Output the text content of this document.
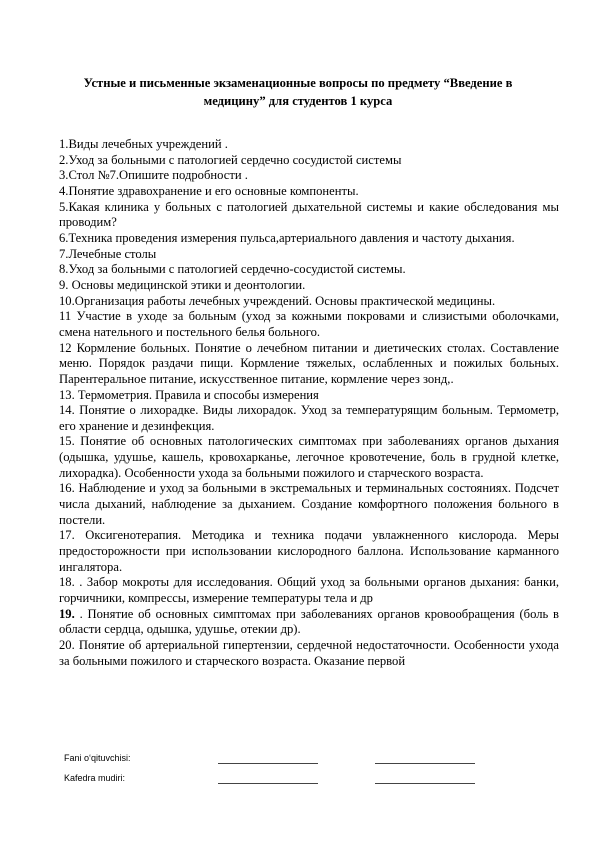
Устные и письменные экзаменационные вопросы по предмету “Введение в
медицину” для студентов 1 курса

1.Виды лечебных учреждений .

2.Уход за больными с патологией сердечно сосудистой системы

3.Стол №7.Опишите подробности .

4.Понятие здравохранение и его основные компоненты.

5.Какая клиника у больных с патологией дыхательной системы и какие обследования мы проводим?

6.Техника проведения измерения пульса,артериального давления и частоту дыхания.

7.Лечебные столы

8.Уход за больными с патологией сердечно-сосудистой системы.

9. Основы медицинской этики и деонтологии.

10.Организация работы лечебных учреждений. Основы практической медицины.

11 Участие в уходе за больным (уход за кожными покровами и слизистыми оболочками, смена нательного и постельного белья больного.

12 Кормление больных. Понятие о лечебном питании и диетических столах. Составление меню. Порядок раздачи пищи. Кормление тяжелых, ослабленных и пожилых больных. Парентеральное питание, искусственное питание, кормление через зонд,.

13. Термометрия. Правила и способы измерения

14. Понятие о лихорадке. Виды лихорадок. Уход за температурящим больным. Термометр, его хранение и дезинфекция.

15. Понятие об основных патологических симптомах при заболеваниях органов дыхания (одышка, удушье, кашель, кровохарканье, легочное кровотечение, боль в грудной клетке, лихорадка). Особенности ухода за больными пожилого и старческого возраста.

16. Наблюдение и уход за больными в экстремальных и терминальных состояниях. Подсчет числа дыханий, наблюдение за дыханием. Создание комфортного положения больного в постели.

17. Оксигенотерапия. Методика и техника подачи увлажненного кислорода. Меры предосторожности при использовании кислородного баллона. Использование карманного ингалятора.

18. . Забор мокроты для исследования. Общий уход за больными органов дыхания: банки, горчичники, компрессы, измерение температуры тела и др

19. . Понятие об основных симптомах при заболеваниях органов кровообращения (боль в области сердца, одышка, удушье, отекии др).

20. Понятие об артериальной гипертензии, сердечной недостаточности. Особенности ухода за больными пожилого и старческого возраста. Оказание первой

Fani o‘qituvchisi:
Kafedra mudiri:
